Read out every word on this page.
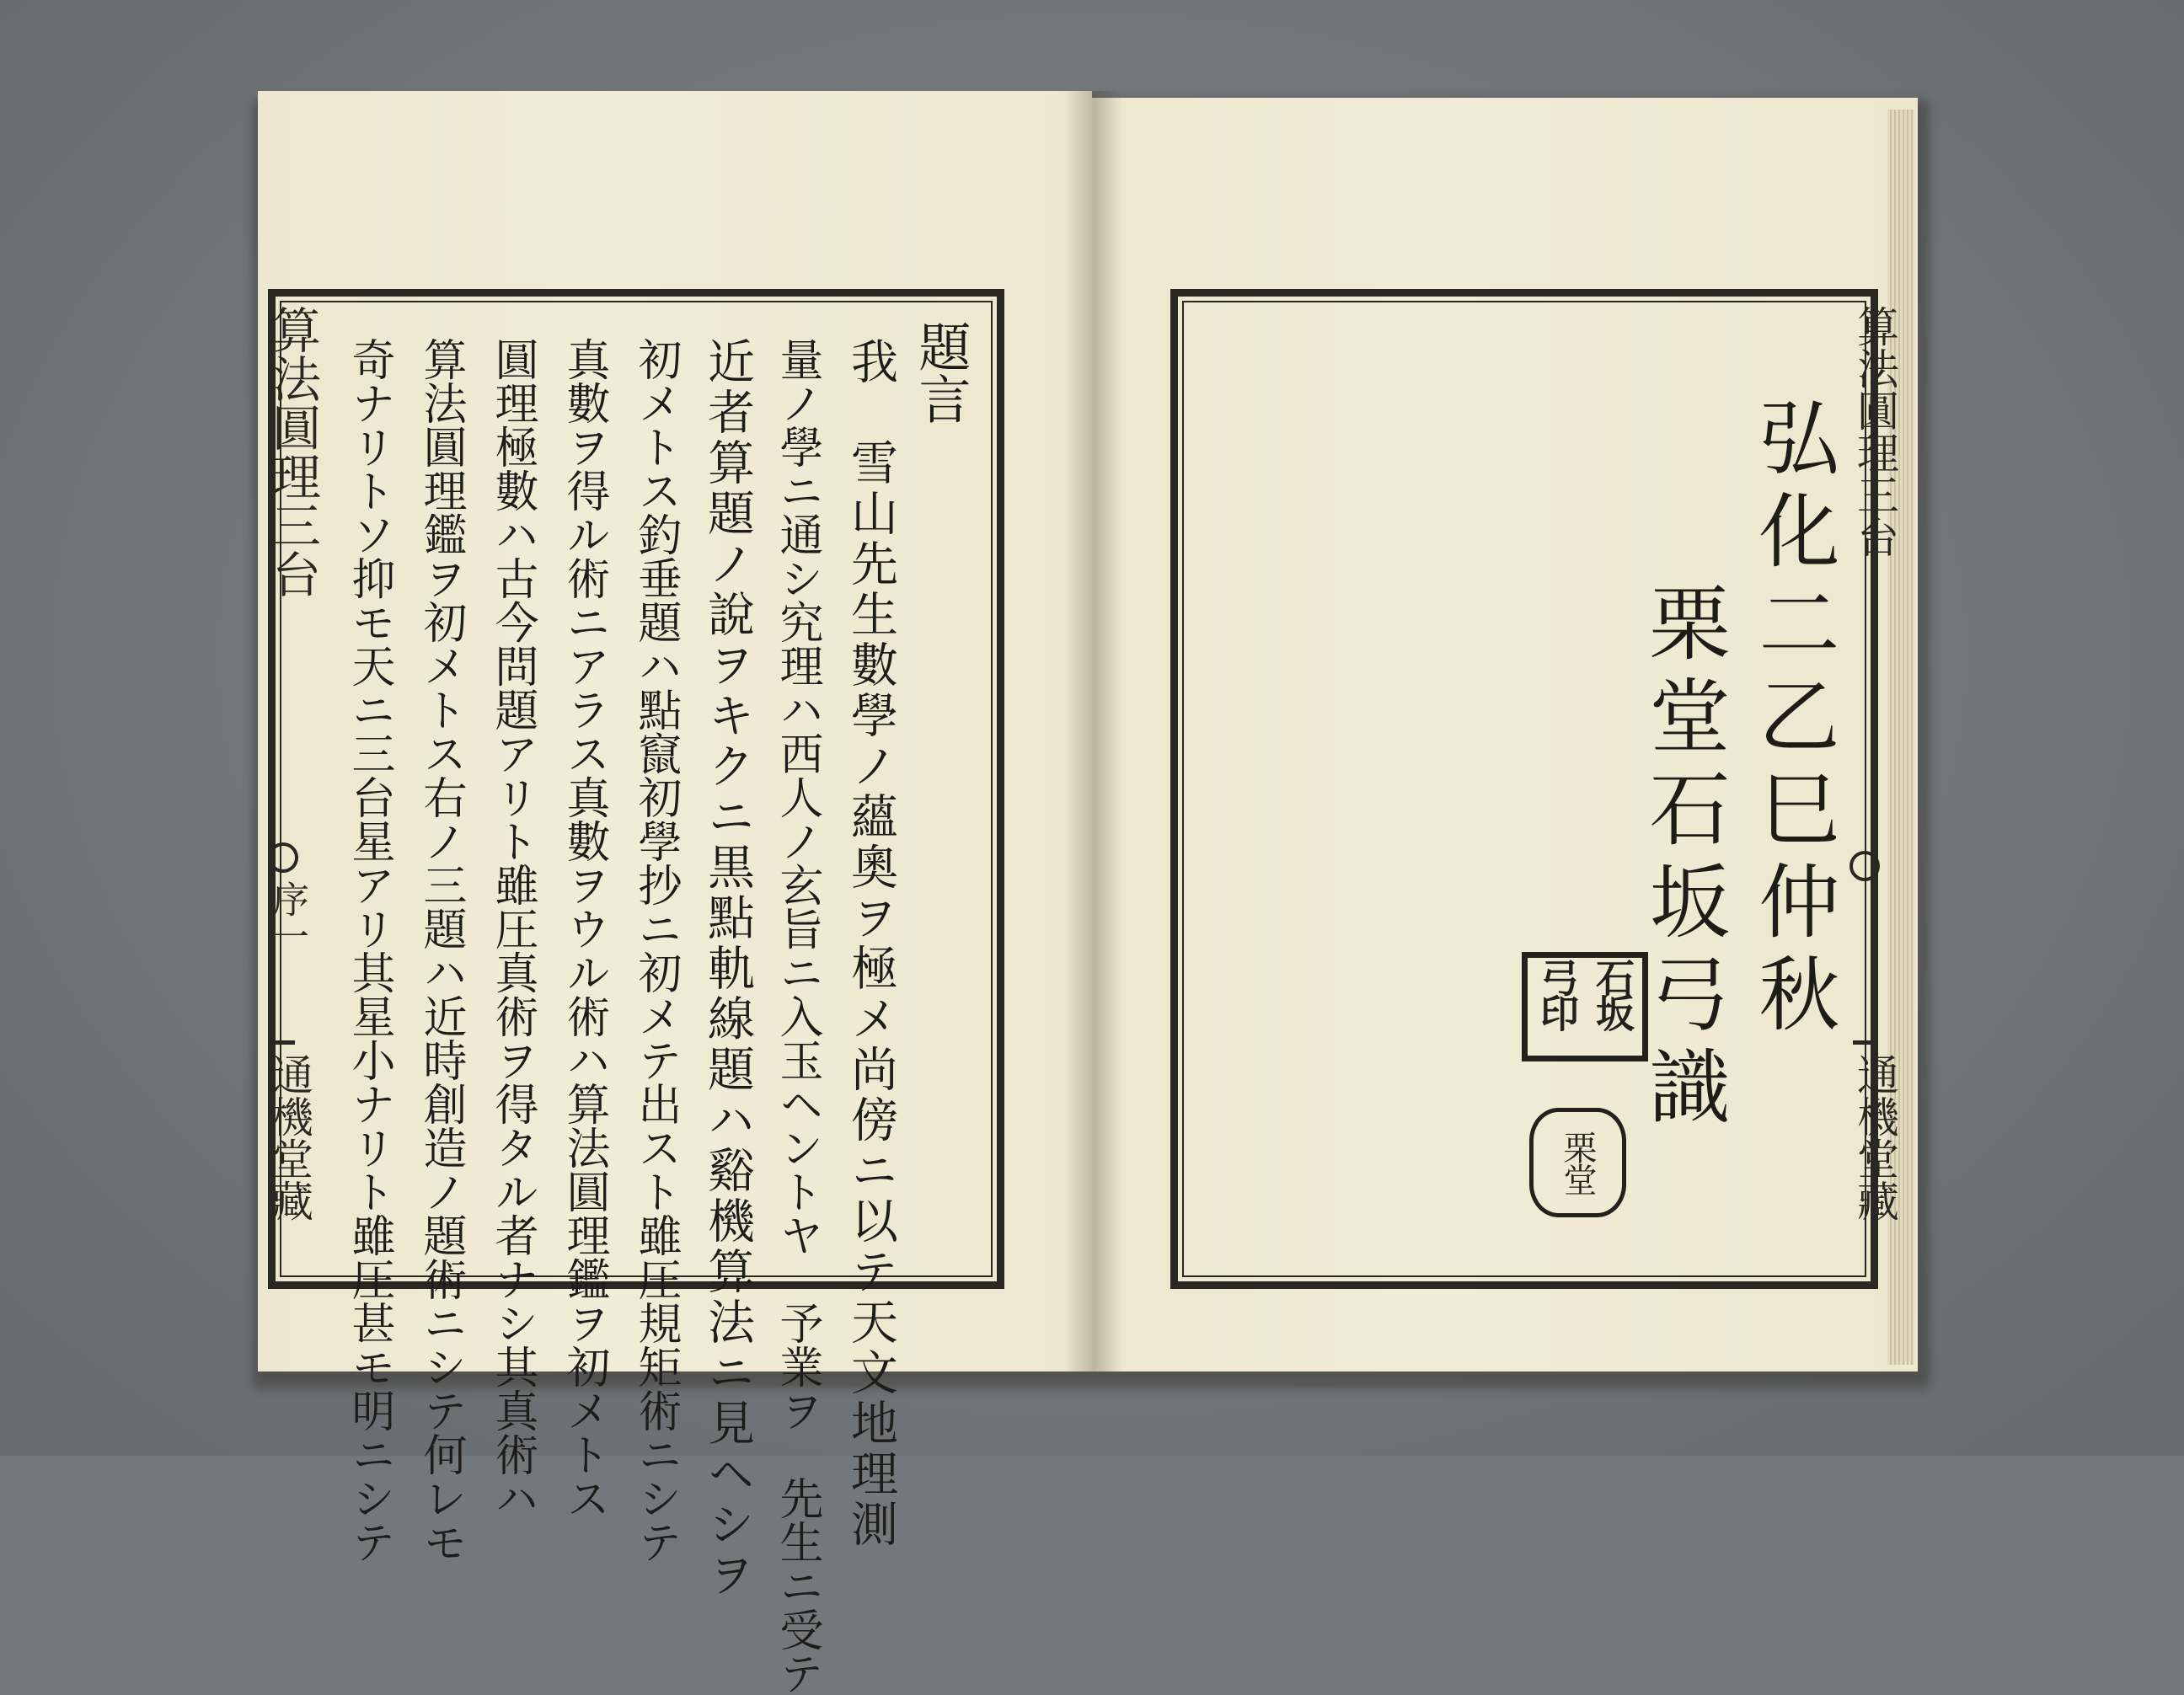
算法圓理三台
序一
通機堂藏
題言
我　雪山先生數學ノ蘊奧ヲ極メ尚傍ニ以テ天文地理測
量ノ學ニ通シ究理ハ西人ノ玄旨ニ入玉ヘントヤ　予業ヲ　先生ニ受テ
近者算題ノ說ヲキクニ黒點軌線題ハ谿機算法ニ見ヘシヲ
初メトス釣垂題ハ點竄初學抄ニ初メテ出スト雖圧規矩術ニシテ
真數ヲ得ル術ニアラス真數ヲウル術ハ算法圓理鑑ヲ初メトス
圓理極數ハ古今問題アリト雖圧真術ヲ得タル者ナシ其真術ハ
算法圓理鑑ヲ初メトス右ノ三題ハ近時創造ノ題術ニシテ何レモ
奇ナリトソ抑モ天ニ三台星アリ其星小ナリト雖圧甚モ明ニシテ	算法圓理三台
通機堂藏
弘化二乙巳仲秋
栗堂石坂弓識
石坂弓印
栗堂
